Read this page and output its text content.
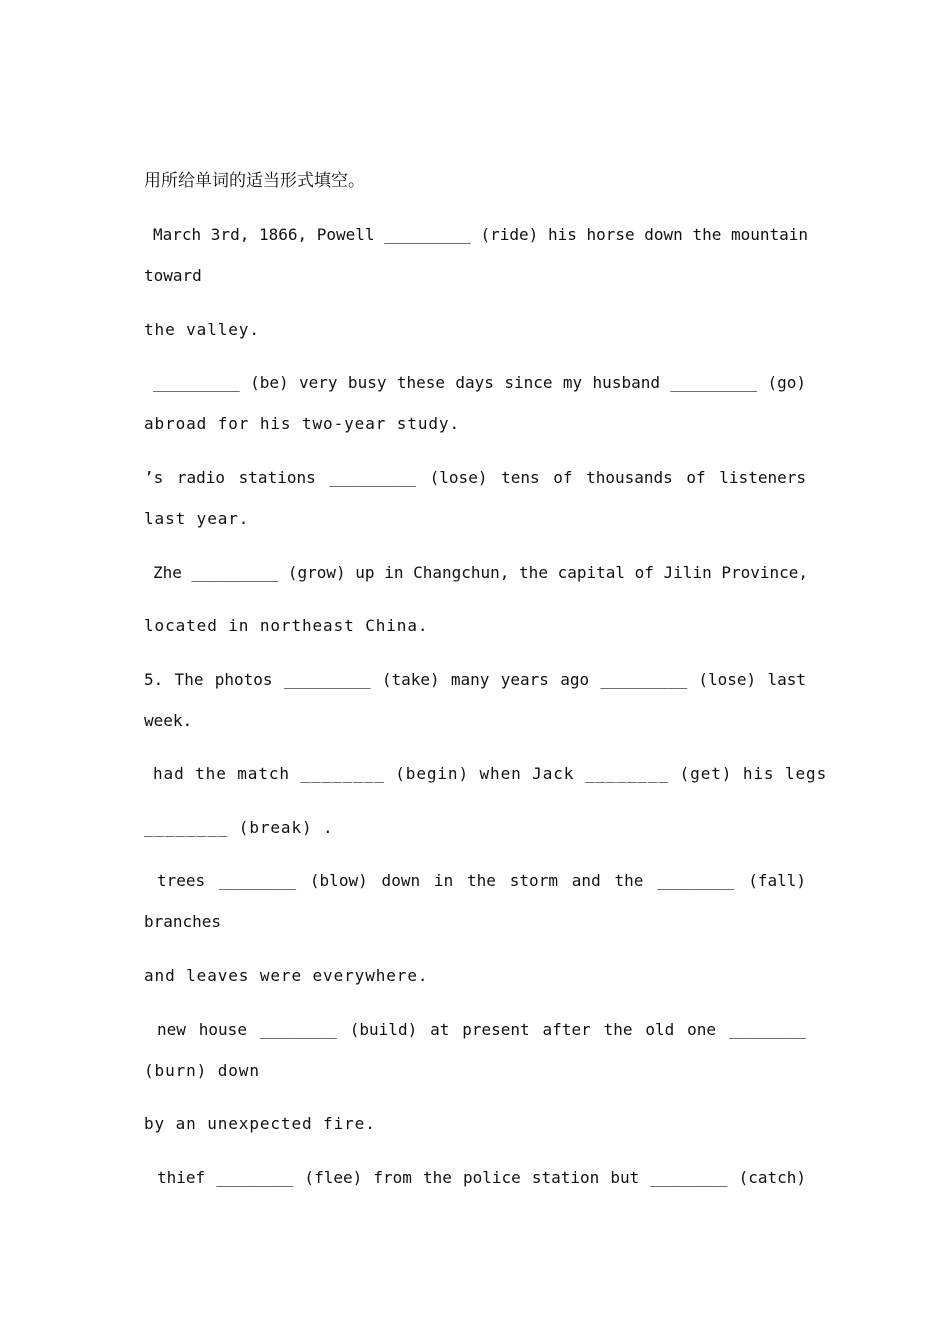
用所给单词的适当形式填空。
March 3rd, 1866, Powell _________ (ride) his horse down the mountain
toward
the valley.
_________ (be) very busy these days since my husband _________ (go)
abroad for his two-year study.
’s radio stations _________ (lose) tens of thousands of listeners
last year.
Zhe _________ (grow) up in Changchun, the capital of Jilin Province,
located in northeast China.
5. The photos _________ (take) many years ago _________ (lose) last
week.
had the match ________ (begin) when Jack ________ (get) his legs
________ (break) .
trees ________ (blow) down in the storm and the ________ (fall)
branches
and leaves were everywhere.
new house ________ (build) at present after the old one ________
(burn) down
by an unexpected fire.
thief ________ (flee) from the police station but ________ (catch)
